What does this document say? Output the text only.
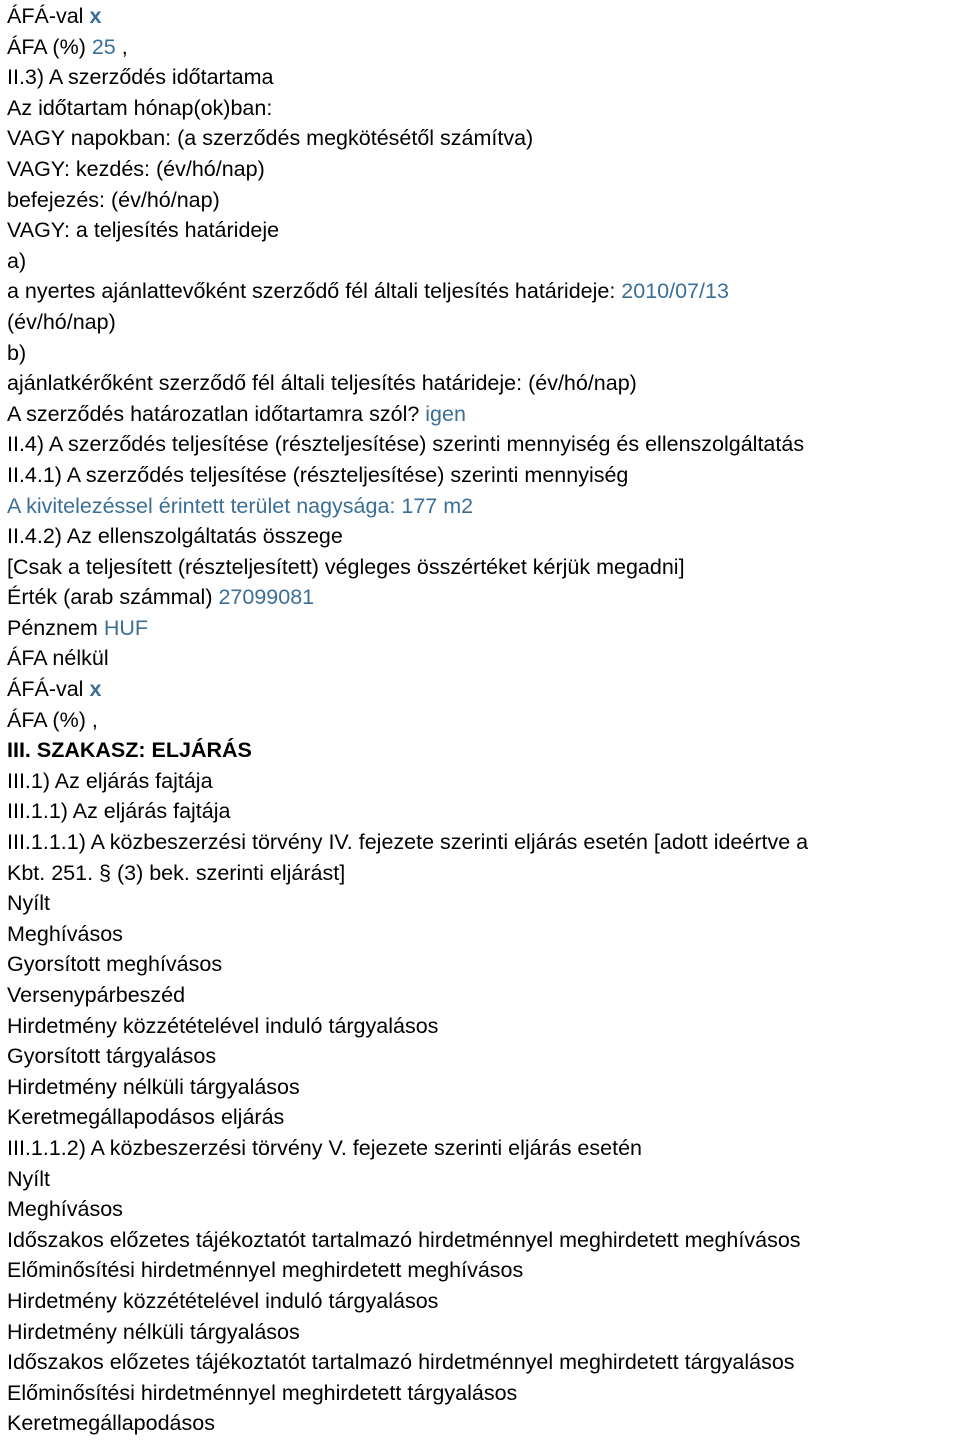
ÁFÁ-val x
ÁFA (%) 25 ,
II.3) A szerződés időtartama
Az időtartam hónap(ok)ban:
VAGY napokban: (a szerződés megkötésétől számítva)
VAGY: kezdés: (év/hó/nap)
befejezés: (év/hó/nap)
VAGY: a teljesítés határideje
a)
a nyertes ajánlattevőként szerződő fél általi teljesítés határideje: 2010/07/13
(év/hó/nap)
b)
ajánlatkérőként szerződő fél általi teljesítés határideje: (év/hó/nap)
A szerződés határozatlan időtartamra szól? igen
II.4) A szerződés teljesítése (részteljesítése) szerinti mennyiség és ellenszolgáltatás
II.4.1) A szerződés teljesítése (részteljesítése) szerinti mennyiség
A kivitelezéssel érintett terület nagysága: 177 m2
II.4.2) Az ellenszolgáltatás összege
[Csak a teljesített (részteljesített) végleges összértéket kérjük megadni]
Érték (arab számmal) 27099081
Pénznem HUF
ÁFA nélkül
ÁFÁ-val x
ÁFA (%) ,
III. SZAKASZ: ELJÁRÁS
III.1) Az eljárás fajtája
III.1.1) Az eljárás fajtája
III.1.1.1) A közbeszerzési törvény IV. fejezete szerinti eljárás esetén [adott ideértve a
Kbt. 251. § (3) bek. szerinti eljárást]
Nyílt
Meghívásos
Gyorsított meghívásos
Versenypárbeszéd
Hirdetmény közzétételével induló tárgyalásos
Gyorsított tárgyalásos
Hirdetmény nélküli tárgyalásos
Keretmegállapodásos eljárás
III.1.1.2) A közbeszerzési törvény V. fejezete szerinti eljárás esetén
Nyílt
Meghívásos
Időszakos előzetes tájékoztatót tartalmazó hirdetménnyel meghirdetett meghívásos
Előminősítési hirdetménnyel meghirdetett meghívásos
Hirdetmény közzétételével induló tárgyalásos
Hirdetmény nélküli tárgyalásos
Időszakos előzetes tájékoztatót tartalmazó hirdetménnyel meghirdetett tárgyalásos
Előminősítési hirdetménnyel meghirdetett tárgyalásos
Keretmegállapodásos
